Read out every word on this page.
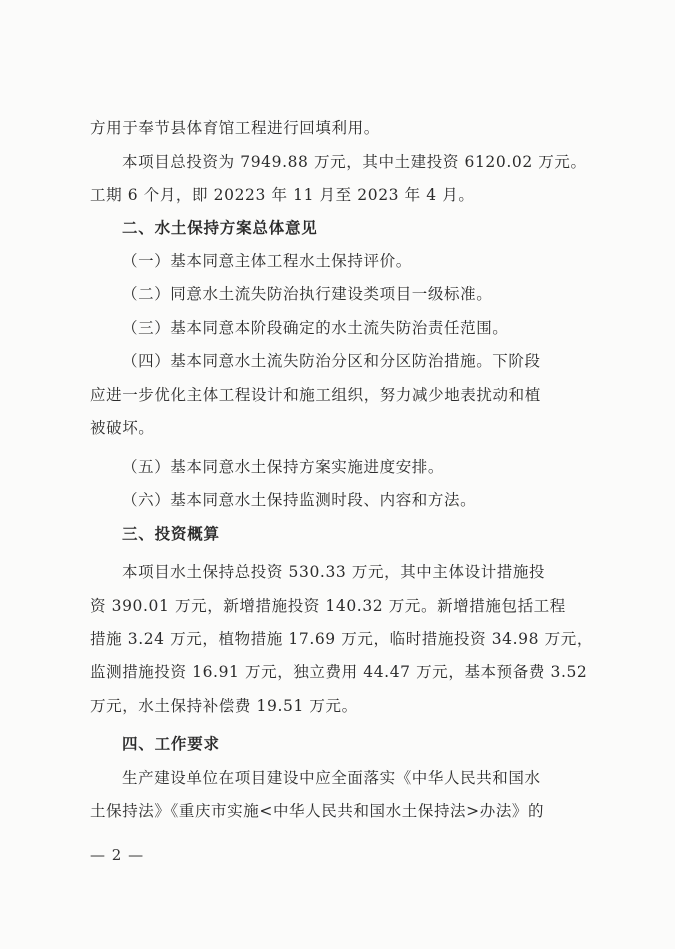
方用于奉节县体育馆工程进行回填利用。
本项目总投资为 7949.88 万元，其中土建投资 6120.02 万元。
工期 6 个月，即 20223 年 11 月至 2023 年 4 月。
二、水土保持方案总体意见
（一）基本同意主体工程水土保持评价。
（二）同意水土流失防治执行建设类项目一级标准。
（三）基本同意本阶段确定的水土流失防治责任范围。
（四）基本同意水土流失防治分区和分区防治措施。下阶段
应进一步优化主体工程设计和施工组织，努力减少地表扰动和植
被破坏。
（五）基本同意水土保持方案实施进度安排。
（六）基本同意水土保持监测时段、内容和方法。
三、投资概算
本项目水土保持总投资 530.33 万元，其中主体设计措施投
资 390.01 万元，新增措施投资 140.32 万元。新增措施包括工程
措施 3.24 万元，植物措施 17.69 万元，临时措施投资 34.98 万元，
监测措施投资 16.91 万元，独立费用 44.47 万元，基本预备费 3.52
万元，水土保持补偿费 19.51 万元。
四、工作要求
生产建设单位在项目建设中应全面落实《中华人民共和国水
土保持法》《重庆市实施<中华人民共和国水土保持法>办法》的
— 2 —
